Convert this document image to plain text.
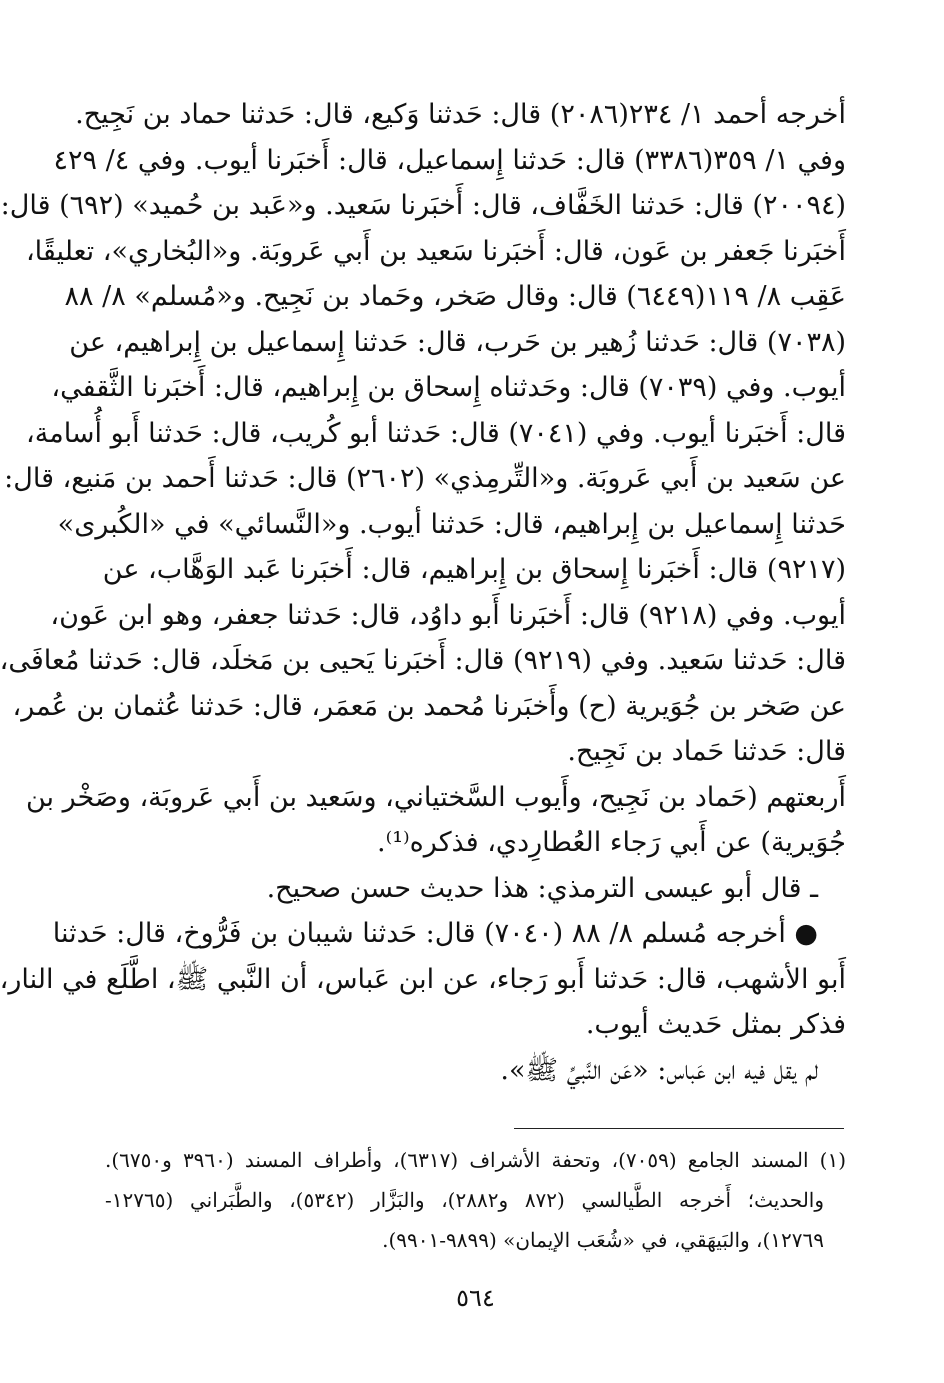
أخرجه أحمد ١/ ٢٣٤(٢٠٨٦) قال: حَدثنا وَكيع، قال: حَدثنا حماد بن نَجِيح.
وفي ١/ ٣٥٩(٣٣٨٦) قال: حَدثنا إِسماعيل، قال: أَخبَرنا أيوب. وفي ٤/ ٤٢٩
(٢٠٠٩٤) قال: حَدثنا الخَفَّاف، قال: أَخبَرنا سَعيد. و«عَبد بن حُميد» (٦٩٢) قال:
أَخبَرنا جَعفر بن عَون، قال: أَخبَرنا سَعيد بن أَبي عَروبَة. و«البُخاري»، تعليقًا،
عَقِب ٨/ ١١٩(٦٤٤٩) قال: وقال صَخر، وحَماد بن نَجِيح. و«مُسلم» ٨/ ٨٨
(٧٠٣٨) قال: حَدثنا زُهير بن حَرب، قال: حَدثنا إِسماعيل بن إِبراهيم، عن
أيوب. وفي (٧٠٣٩) قال: وحَدثناه إِسحاق بن إِبراهيم، قال: أَخبَرنا الثَّقفي،
قال: أَخبَرنا أيوب. وفي (٧٠٤١) قال: حَدثنا أبو كُريب، قال: حَدثنا أَبو أُسامة،
عن سَعيد بن أَبي عَروبَة. و«التِّرمِذي» (٢٦٠٢) قال: حَدثنا أَحمد بن مَنيع، قال:
حَدثنا إِسماعيل بن إِبراهيم، قال: حَدثنا أيوب. و«النَّسائي» في «الكُبرى»
(٩٢١٧) قال: أَخبَرنا إِسحاق بن إِبراهيم، قال: أَخبَرنا عَبد الوَهَّاب، عن
أيوب. وفي (٩٢١٨) قال: أَخبَرنا أَبو داوُد، قال: حَدثنا جعفر، وهو ابن عَون،
قال: حَدثنا سَعيد. وفي (٩٢١٩) قال: أَخبَرنا يَحيى بن مَخلَد، قال: حَدثنا مُعافَى،
عن صَخر بن جُوَيرية (ح) وأَخبَرنا مُحمد بن مَعمَر، قال: حَدثنا عُثمان بن عُمر،
قال: حَدثنا حَماد بن نَجِيح.
أَربعتهم (حَماد بن نَجِيح، وأَيوب السَّختياني، وسَعيد بن أَبي عَروبَة، وصَخْر بن
جُوَيرية) عن أَبي رَجاء العُطارِدي، فذكره⁽¹⁾.
ـ قال أبو عيسى الترمذي: هذا حديث حسن صحيح.
● أخرجه مُسلم ٨/ ٨٨ (٧٠٤٠) قال: حَدثنا شيبان بن فَرُّوخ، قال: حَدثنا
أَبو الأشهب، قال: حَدثنا أَبو رَجاء، عن ابن عَباس، أن النَّبي ﷺ، اطَّلَع في النار،
فذكر بمثل حَديث أيوب.
لم يقل فيه ابن عَباس: «عَن النَّبيِّ ﷺ».
(١) المسند الجامع (٧٠٥٩)، وتحفة الأشراف (٦٣١٧)، وأطراف المسند (٣٩٦٠ و٦٧٥٠).
والحديث؛ أَخرجه الطَّيالسي (٨٧٢ و٢٨٨٢)، والبَزَّار (٥٣٤٢)، والطَّبَراني (١٢٧٦٥-
١٢٧٦٩)، والبَيهَقي، في «شُعَب الإيمان» (٩٨٩٩-٩٩٠١).
٥٦٤
